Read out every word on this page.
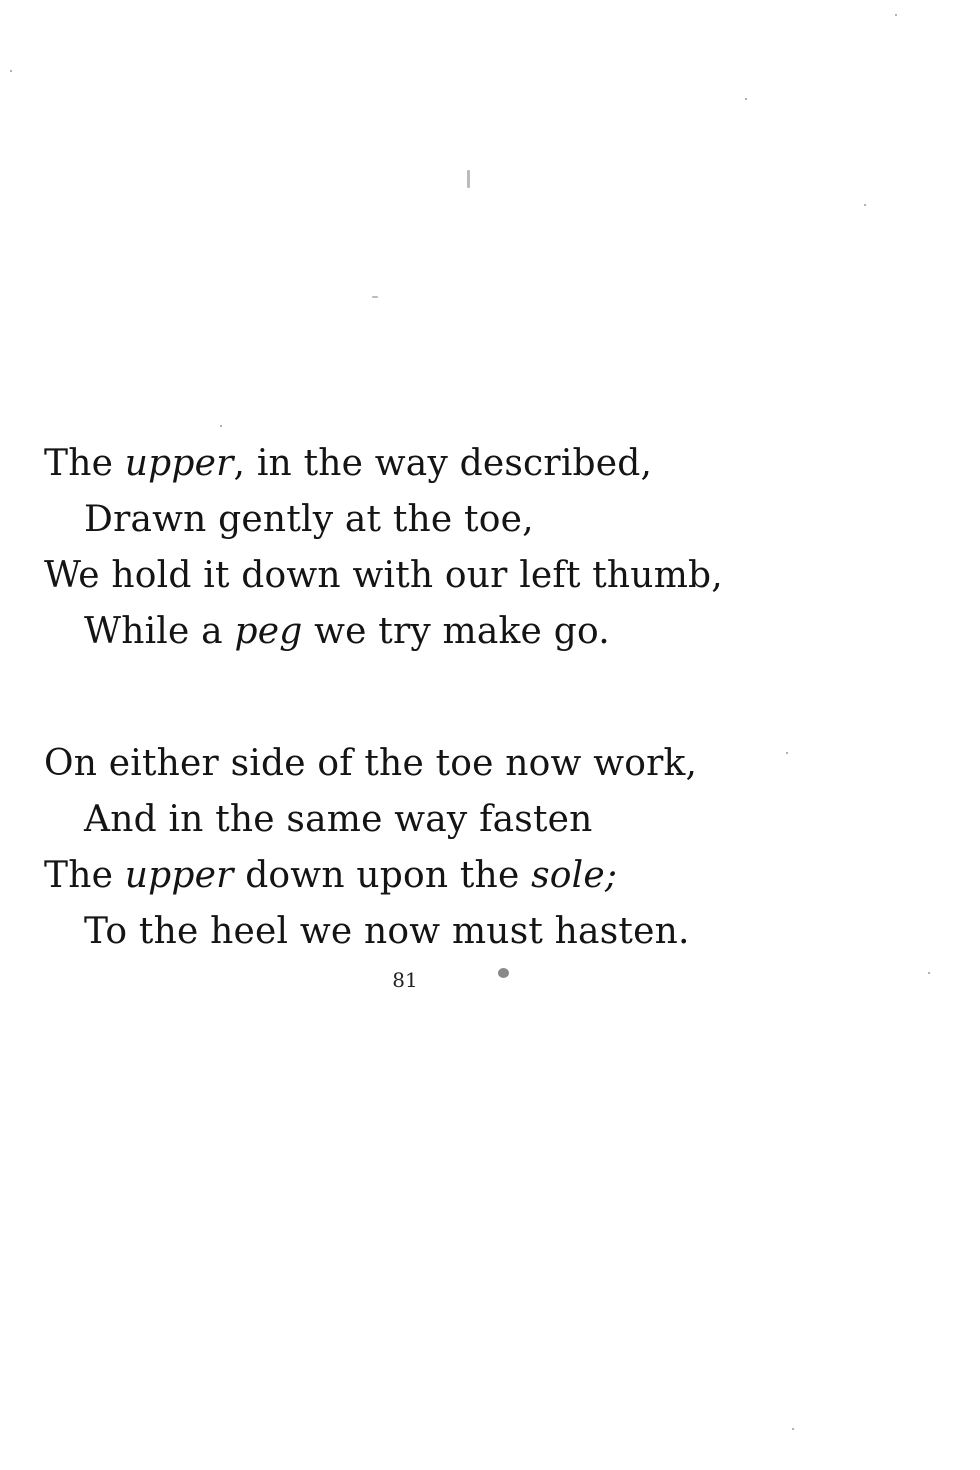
The upper, in the way described,
Drawn gently at the toe,
We hold it down with our left thumb,
While a peg we try make go.
On either side of the toe now work,
And in the same way fasten
The upper down upon the sole;
To the heel we now must hasten.
81
